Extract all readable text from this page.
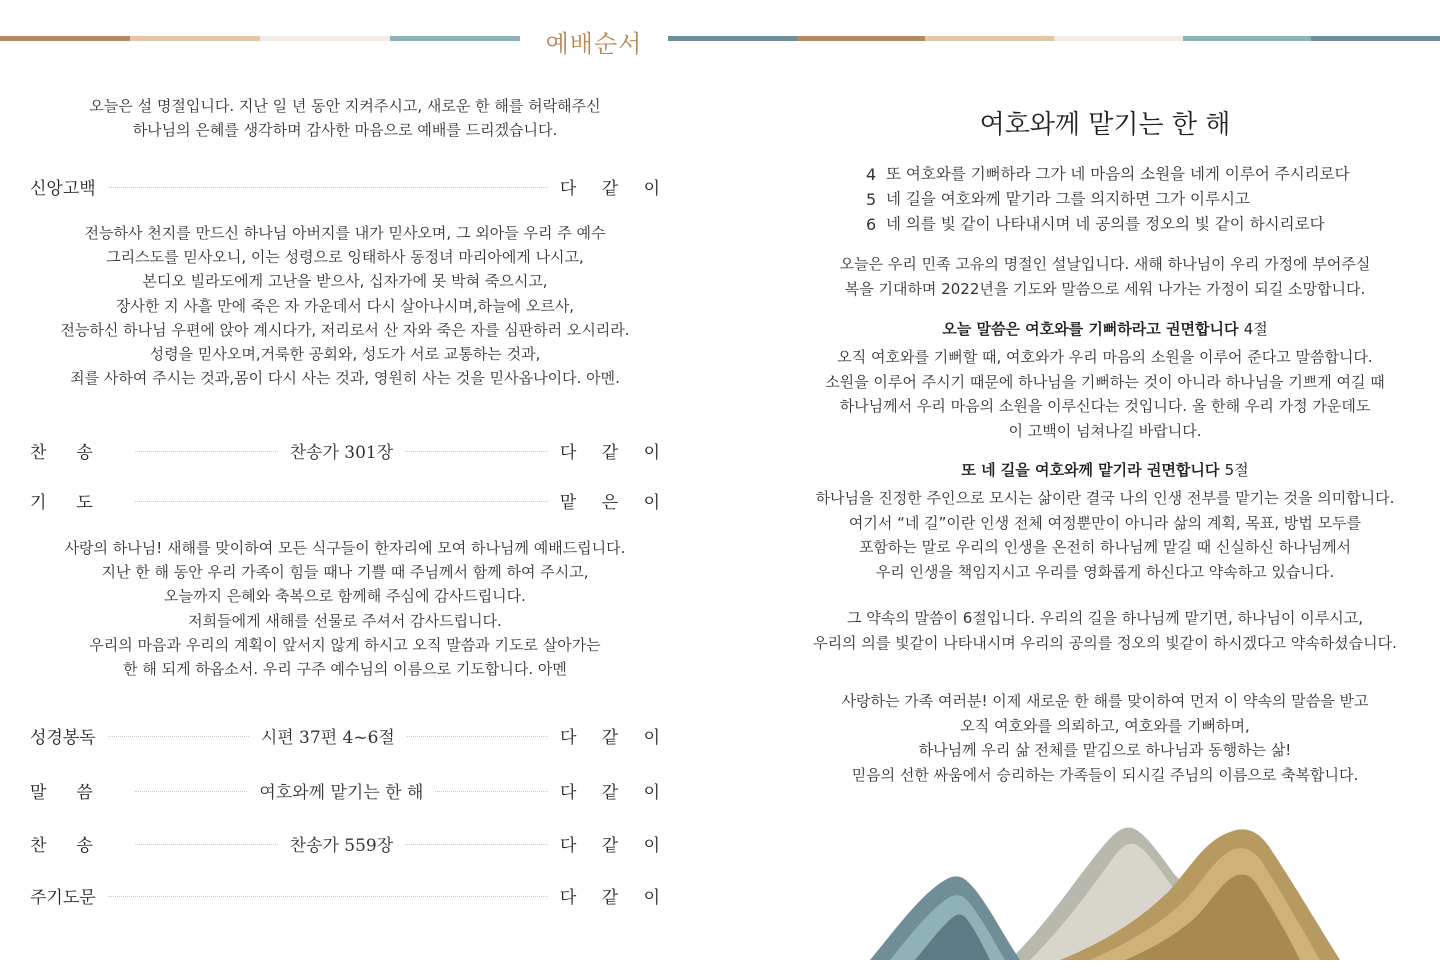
예배순서
오늘은 설 명절입니다. 지난 일 년 동안 지켜주시고, 새로운 한 해를 허락해주신
하나님의 은혜를 생각하며 감사한 마음으로 예배를 드리겠습니다.
신앙고백	다 같 이
전능하사 천지를 만드신 하나님 아버지를 내가 믿사오며, 그 외아들 우리 주 예수
그리스도를 믿사오니, 이는 성령으로 잉태하사 동정녀 마리아에게 나시고,
본디오 빌라도에게 고난을 받으사, 십자가에 못 박혀 죽으시고,
장사한 지 사흘 만에 죽은 자 가운데서 다시 살아나시며,하늘에 오르사,
전능하신 하나님 우편에 앉아 계시다가, 저리로서 산 자와 죽은 자를 심판하러 오시리라.
성령을 믿사오며,거룩한 공회와, 성도가 서로 교통하는 것과,
죄를 사하여 주시는 것과,몸이 다시 사는 것과, 영원히 사는 것을 믿사옵나이다. 아멘.
찬송	찬송가 301장	다 같 이
기도	맡 은 이
사랑의 하나님! 새해를 맞이하여 모든 식구들이 한자리에 모여 하나님께 예배드립니다.
지난 한 해 동안 우리 가족이 힘들 때나 기쁠 때 주님께서 함께 하여 주시고,
오늘까지 은혜와 축복으로 함께해 주심에 감사드립니다.
저희들에게 새해를 선물로 주셔서 감사드립니다.
우리의 마음과 우리의 계획이 앞서지 않게 하시고 오직 말씀과 기도로 살아가는
한 해 되게 하옵소서. 우리 구주 예수님의 이름으로 기도합니다. 아멘
성경봉독	시편 37편 4~6절	다 같 이
말씀	여호와께 맡기는 한 해	다 같 이
찬송	찬송가 559장	다 같 이
주기도문	다 같 이
여호와께 맡기는 한 해
4 또 여호와를 기뻐하라 그가 네 마음의 소원을 네게 이루어 주시리로다
5 네 길을 여호와께 맡기라 그를 의지하면 그가 이루시고
6 네 의를 빛 같이 나타내시며 네 공의를 정오의 빛 같이 하시리로다
오늘은 우리 민족 고유의 명절인 설날입니다. 새해 하나님이 우리 가정에 부어주실
복을 기대하며 2022년을 기도와 말씀으로 세워 나가는 가정이 되길 소망합니다.
오늘 말씀은 여호와를 기뻐하라고 권면합니다 4절
오직 여호와를 기뻐할 때, 여호와가 우리 마음의 소원을 이루어 준다고 말씀합니다.
소원을 이루어 주시기 때문에 하나님을 기뻐하는 것이 아니라 하나님을 기쁘게 여길 때
하나님께서 우리 마음의 소원을 이루신다는 것입니다. 올 한해 우리 가정 가운데도
이 고백이 넘쳐나길 바랍니다.
또 네 길을 여호와께 맡기라 권면합니다 5절
하나님을 진정한 주인으로 모시는 삶이란 결국 나의 인생 전부를 맡기는 것을 의미합니다.
여기서 “네 길”이란 인생 전체 여정뿐만이 아니라 삶의 계획, 목표, 방법 모두를
포함하는 말로 우리의 인생을 온전히 하나님께 맡길 때 신실하신 하나님께서
우리 인생을 책임지시고 우리를 영화롭게 하신다고 약속하고 있습니다.
그 약속의 말씀이 6절입니다. 우리의 길을 하나님께 맡기면, 하나님이 이루시고,
우리의 의를 빛같이 나타내시며 우리의 공의를 정오의 빛같이 하시겠다고 약속하셨습니다.
사랑하는 가족 여러분! 이제 새로운 한 해를 맞이하여 먼저 이 약속의 말씀을 받고
오직 여호와를 의뢰하고, 여호와를 기뻐하며,
하나님께 우리 삶 전체를 맡김으로 하나님과 동행하는 삶!
믿음의 선한 싸움에서 승리하는 가족들이 되시길 주님의 이름으로 축복합니다.
